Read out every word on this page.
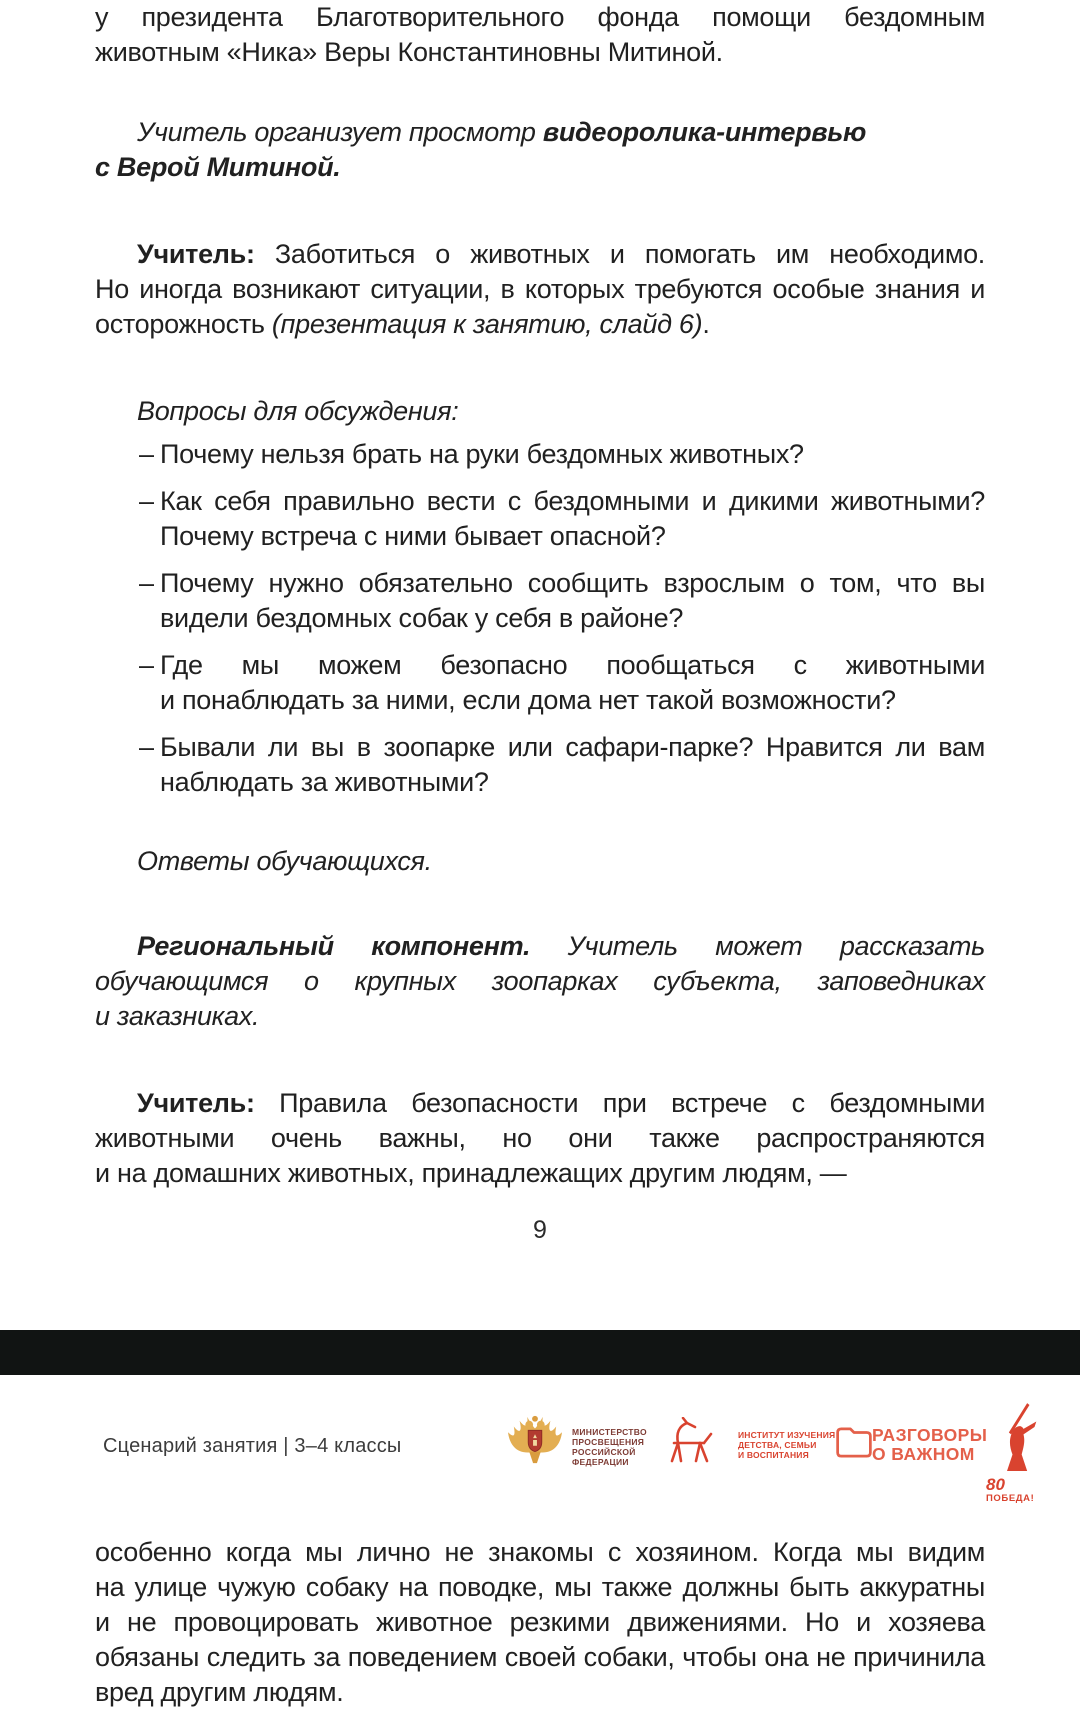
у президента Благотворительного фонда помощи бездомным животным «Ника» Веры Константиновны Митиной.

Учитель организует просмотр видеоролика-интервью
с Верой Митиной.

Учитель: Заботиться о животных и помогать им необходимо. Но иногда возникают ситуации, в которых требуются особые знания и осторожность (презентация к занятию, слайд 6).

Вопросы для обсуждения:

– Почему нельзя брать на руки бездомных животных?
– Как себя правильно вести с бездомными и дикими животными? Почему встреча с ними бывает опасной?
– Почему нужно обязательно сообщить взрослым о том, что вы видели бездомных собак у себя в районе?
– Где мы можем безопасно пообщаться с животными и понаблюдать за ними, если дома нет такой возможности?
– Бывали ли вы в зоопарке или сафари-парке? Нравится ли вам наблюдать за животными?

Ответы обучающихся.

Региональный компонент. Учитель может рассказать обучающимся о крупных зоопарках субъекта, заповедниках и заказниках.

Учитель: Правила безопасности при встрече с бездомными животными очень важны, но они также распространяются и на домашних животных, принадлежащих другим людям, —

9

Сценарий занятия | 3–4 классы
МИНИСТЕРСТВО
ПРОСВЕЩЕНИЯ
РОССИЙСКОЙ
ФЕДЕРАЦИИ
ИНСТИТУТ ИЗУЧЕНИЯ
ДЕТСТВА, СЕМЬИ
И ВОСПИТАНИЯ
РАЗГОВОРЫ
О ВАЖНОМ
80
ПОБЕДА!

особенно когда мы лично не знакомы с хозяином. Когда мы видим на улице чужую собаку на поводке, мы также должны быть аккуратны и не провоцировать животное резкими движениями. Но и хозяева обязаны следить за поведением своей собаки, чтобы она не причинила вред другим людям.
